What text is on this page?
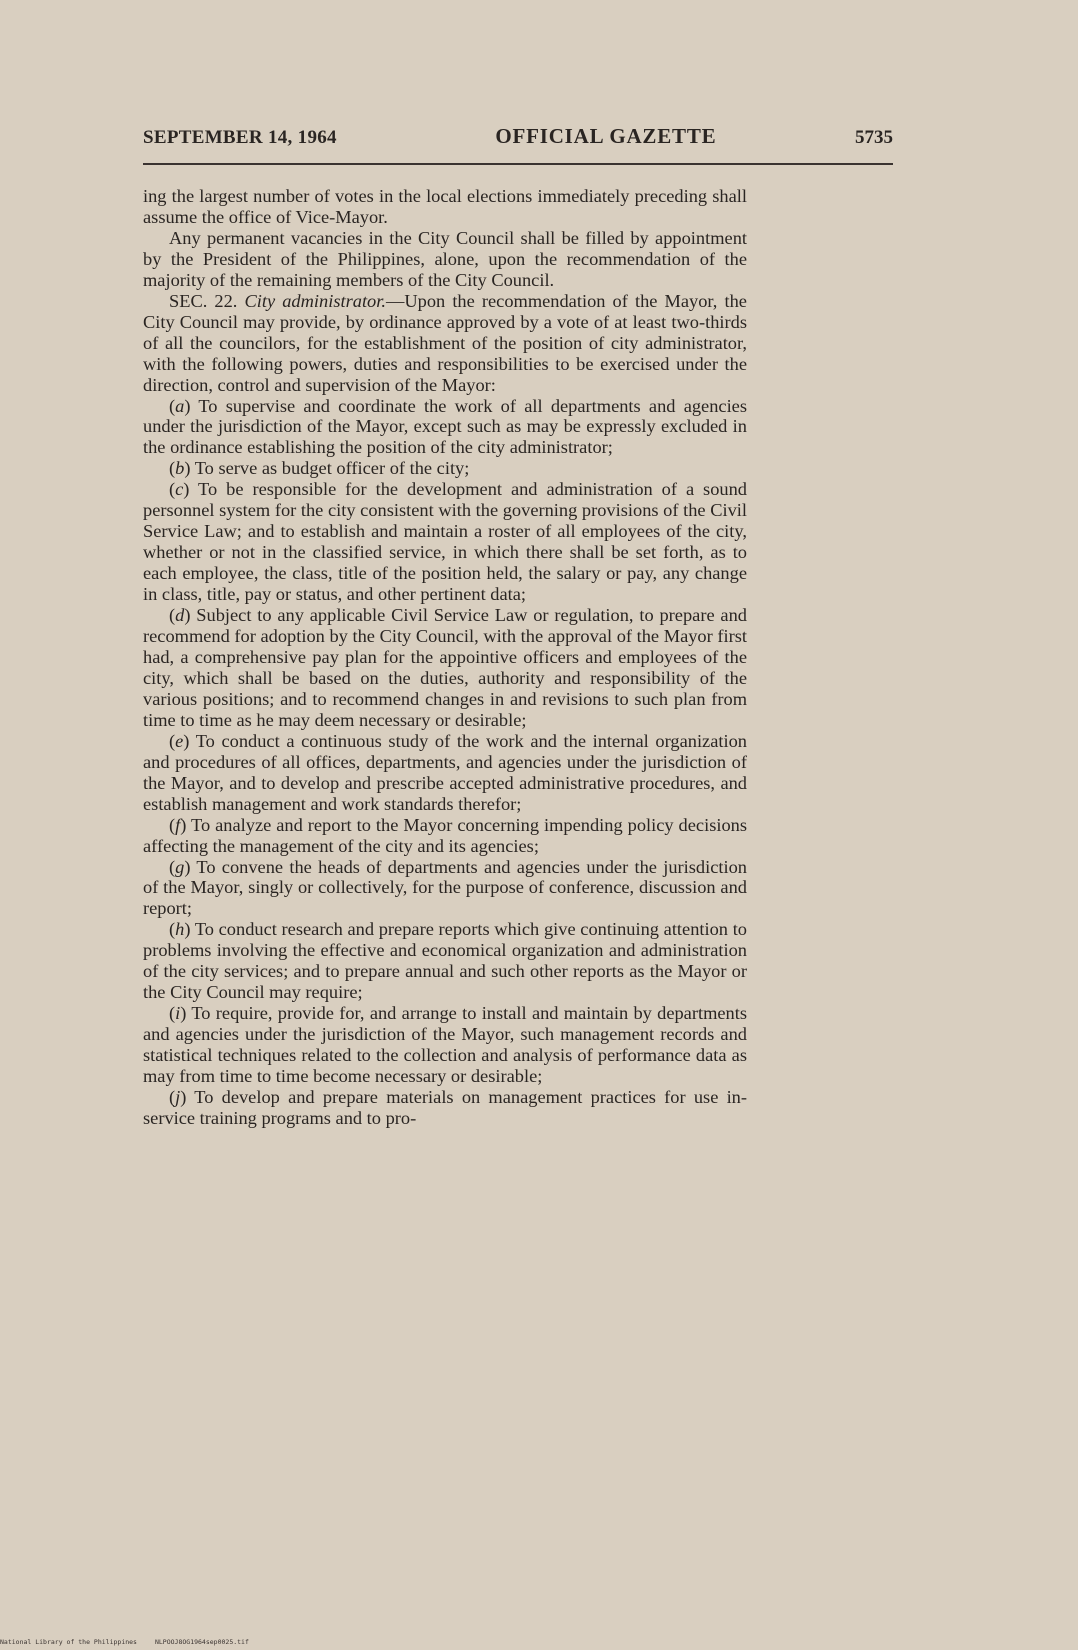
SEPTEMBER 14, 1964	OFFICIAL GAZETTE	5735

ing the largest number of votes in the local elections immediately preceding shall assume the office of Vice-Mayor.

Any permanent vacancies in the City Council shall be filled by appointment by the President of the Philippines, alone, upon the recommendation of the majority of the remaining members of the City Council.

SEC. 22. City administrator.—Upon the recommendation of the Mayor, the City Council may provide, by ordinance approved by a vote of at least two-thirds of all the councilors, for the establishment of the position of city administrator, with the following powers, duties and responsibilities to be exercised under the direction, control and supervision of the Mayor:

(a) To supervise and coordinate the work of all departments and agencies under the jurisdiction of the Mayor, except such as may be expressly excluded in the ordinance establishing the position of the city administrator;

(b) To serve as budget officer of the city;

(c) To be responsible for the development and administration of a sound personnel system for the city consistent with the governing provisions of the Civil Service Law; and to establish and maintain a roster of all employees of the city, whether or not in the classified service, in which there shall be set forth, as to each employee, the class, title of the position held, the salary or pay, any change in class, title, pay or status, and other pertinent data;

(d) Subject to any applicable Civil Service Law or regulation, to prepare and recommend for adoption by the City Council, with the approval of the Mayor first had, a comprehensive pay plan for the appointive officers and employees of the city, which shall be based on the duties, authority and responsibility of the various positions; and to recommend changes in and revisions to such plan from time to time as he may deem necessary or desirable;

(e) To conduct a continuous study of the work and the internal organization and procedures of all offices, departments, and agencies under the jurisdiction of the Mayor, and to develop and prescribe accepted administrative procedures, and establish management and work standards therefor;

(f) To analyze and report to the Mayor concerning impending policy decisions affecting the management of the city and its agencies;

(g) To convene the heads of departments and agencies under the jurisdiction of the Mayor, singly or collectively, for the purpose of conference, discussion and report;

(h) To conduct research and prepare reports which give continuing attention to problems involving the effective and economical organization and administration of the city services; and to prepare annual and such other reports as the Mayor or the City Council may require;

(i) To require, provide for, and arrange to install and maintain by departments and agencies under the jurisdiction of the Mayor, such management records and statistical techniques related to the collection and analysis of performance data as may from time to time become necessary or desirable;

(j) To develop and prepare materials on management practices for use in-service training programs and to pro-

National Library of the Philippines	NLPOOJ8OG1964sep0025.tif
